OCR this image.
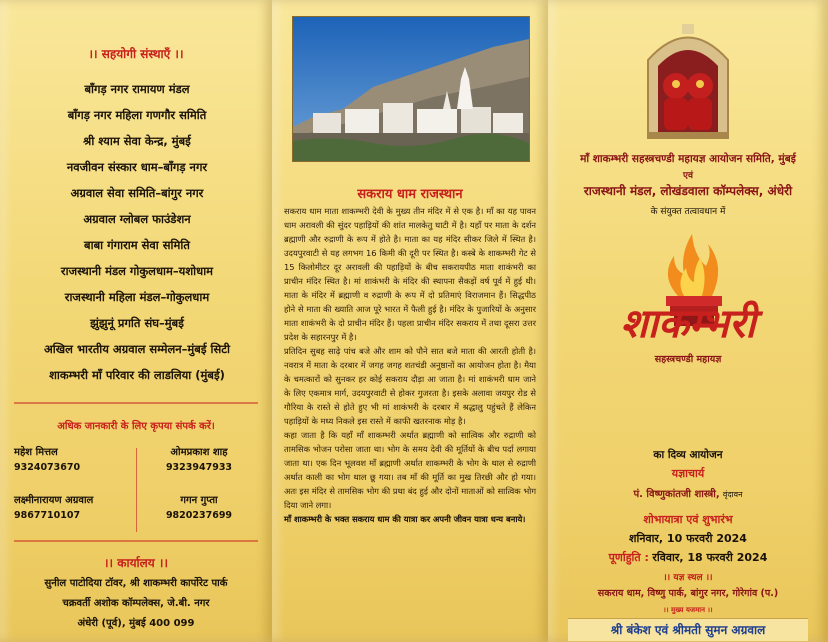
।। सहयोगी संस्थाएँ ।।
बाँगड़ नगर रामायण मंडल
बाँगड़ नगर महिला गणगौर समिति
श्री श्याम सेवा केन्द्र, मुंबई
नवजीवन संस्कार धाम–बाँगड़ नगर
अग्रवाल सेवा समिति–बांगुर नगर
अग्रवाल ग्लोबल फाउंडेशन
बाबा गंगाराम सेवा समिति
राजस्थानी मंडल गोकुलधाम–यशोधाम
राजस्थानी महिला मंडल–गोकुलधाम
झुंझुनूं प्रगति संघ–मुंबई
अखिल भारतीय अग्रवाल सम्मेलन–मुंबई सिटी
शाकम्भरी माँ परिवार की लाडलिया (मुंबई)
अधिक जानकारी के लिए कृपया संपर्क करें।
महेश मित्तल
9324073670
ओमप्रकाश शाह
9323947933
लक्ष्मीनारायण अग्रवाल
9867710107
गगन गुप्ता
9820237699
।। कार्यालय ।।
सुनील पाटोदिया टॉवर, श्री शाकम्भरी कार्पोरेट पार्क
चक्रवर्ती अशोक कॉम्पलेक्स, जे.बी. नगर
अंधेरी (पूर्व), मुंबई 400 099
सकराय धाम राजस्थान

सकराय धाम माता शाकम्भरी देवी के मुख्य तीन मंदिर में से एक है। माँ का यह पावन धाम अरावली की सुंदर पहाड़ियों की शांत मालकेतु घाटी में है। यहाँ पर माता के दर्शन ब्रह्माणी और रुद्राणी के रूप में होते है। माता का यह मंदिर सीकर जिले में स्थित है। उदयपुरवाटी से यह लगभग 16 किमी की दूरी पर स्थित है। कस्बे के शाकम्भरी गेट से 15 किलोमीटर दूर अरावली की पहाड़ियों के बीच सकरायपीठ माता शाकंभरी का प्राचीन मंदिर स्थित है। मां शाकंभरी के मंदिर की स्थापना सैकड़ों वर्ष पूर्व में हुई थी। माता के मंदिर में ब्रह्माणी व रुद्राणी के रूप में दो प्रतिमाएं विराजमान हैं। सिद्धपीठ होने से माता की ख्याति आज पूरे भारत में फैली हुई है। मंदिर के पुजारियों के अनुसार माता शाकंभरी के दो प्राचीन मंदिर हैं। पहला प्राचीन मंदिर सकराय में तथा दूसरा उत्तर प्रदेश के सहारनपुर में है।

प्रतिदिन सुबह साढ़े पांच बजे और शाम को पौने सात बजे माता की आरती होती है। नवरात्र में माता के दरबार में जगह जगह शतचंडी अनुष्ठानों का आयोजन होता है। मैया के चमत्कारों को सुनकर हर कोई सकराय दौड़ा आ जाता है। मां शाकंभरी धाम जाने के लिए एकमात्र मार्ग, उदयपुरवाटी से होकर गुजरता है। इसके अलावा जयपुर रोड से गौरिया के रास्ते से होते हुए भी मां शाकंभरी के दरबार में श्रद्धालु पहुंचते हैं लेकिन पहाड़ियों के मध्य निकले इस रास्ते में काफी खतरनाक मोड़ है।

कहा जाता है कि यहाँ माँ शाकम्भरी अर्थात ब्रह्माणी को सात्विक और रुद्राणी को तामसिक भोजन परोसा जाता था। भोग के समय देवी की मूर्तियों के बीच पर्दा लगाया जाता था। एक दिन भूलवश माँ ब्रह्माणी अर्थात शाकम्भरी के भोग के थाल से रुद्राणी अर्थात काली का भोग थाल छू गया। तब माँ की मूर्ति का मुख तिरछी और हो गया। अतः इस मंदिर से तामसिक भोग की प्रथा बंद हुई और दोनों माताओं को सात्विक भोग दिया जाने लगा।

माँ शाकम्भरी के भक्त सकराय धाम की यात्रा कर अपनी जीवन यात्रा धन्य बनाये।

माँ शाकम्भरी सहस्त्रचण्डी महायज्ञ आयोजन समिति, मुंबई
एवं
राजस्थानी मंडल, लोखंडवाला कॉम्पलेक्स, अंधेरी
के संयुक्त तत्वावधान में
शाकम्भरी
सहस्त्रचण्डी महायज्ञ
का दिव्य आयोजन
यज्ञाचार्य
पं. विष्णुकांतजी शास्त्री, वृंदावन
शोभायात्रा एवं शुभारंभ
शनिवार, 10 फरवरी 2024
पूर्णाहुति : रविवार, 18 फरवरी 2024
।। यज्ञ स्थल ।।
सकराय धाम, विष्णु पार्क, बांगुर नगर, गोरेगांव (प.)
।। मुख्य यजमान ।।
श्री बंकेश एवं श्रीमती सुमन अग्रवाल
